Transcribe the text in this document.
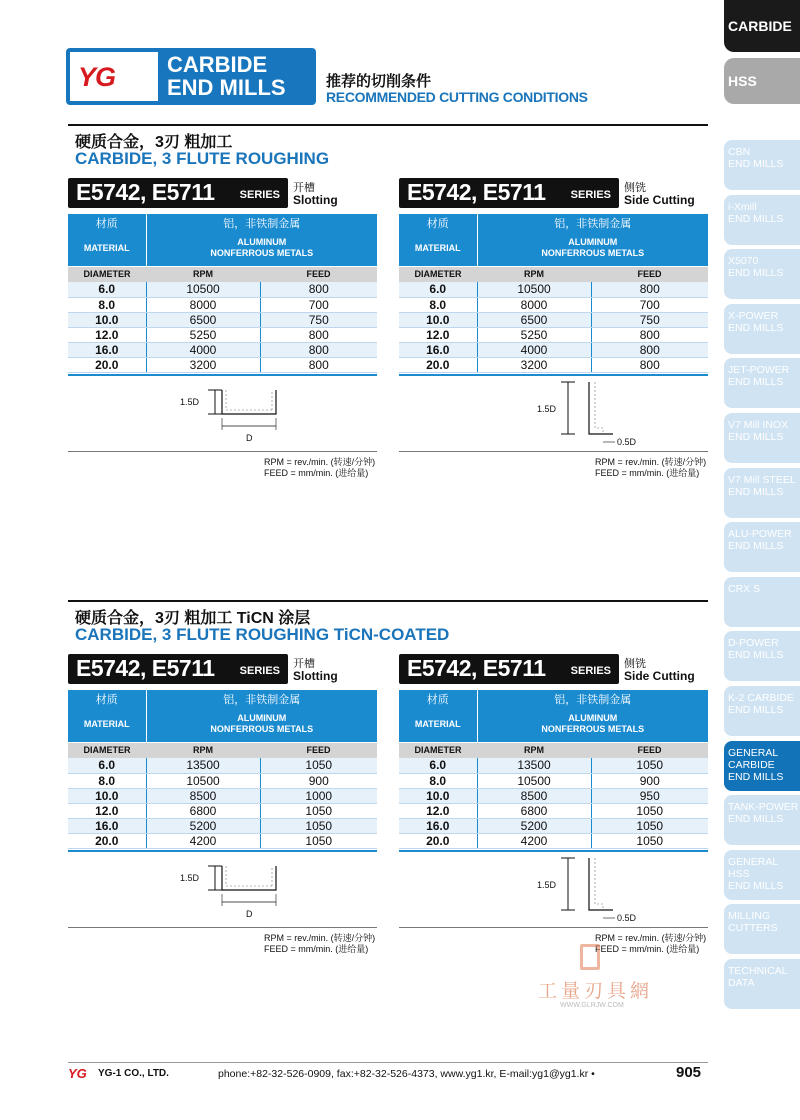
CARBIDE
HSS
CBN
END MILLS
i-Xmill
END MILLS
X5070
END MILLS
X-POWER
END MILLS
JET-POWER
END MILLS
V7 Mill INOX
END MILLS
V7 Mill STEEL
END MILLS
ALU-POWER
END MILLS
CRX S
D-POWER
END MILLS
K-2 CARBIDE
END MILLS
GENERAL
CARBIDE
END MILLS
TANK-POWER
END MILLS
GENERAL
HSS
END MILLS
MILLING
CUTTERS
TECHNICAL
DATA
YG CARBIDE
END MILLS	推荐的切削条件
RECOMMENDED CUTTING CONDITIONS
硬质合金，3刃 粗加工
CARBIDE, 3 FLUTE ROUGHING
E5742, E5711 SERIES
开槽
Slotting
材质	铝，非铁制金属	
MATERIAL	ALUMINUM
NONFERROUS METALS	

DIAMETER	RPM	FEED
6.0	10500	800
8.0	8000	700
10.0	6500	750
12.0	5250	800
16.0	4000	800
20.0	3200	800
1.5D
D
RPM = rev./min. (转速/分钟)
FEED = mm/min. (进给量)
E5742, E5711 SERIES
侧铣
Side Cutting
材质	铝，非铁制金属	
MATERIAL	ALUMINUM
NONFERROUS METALS	

DIAMETER	RPM	FEED
6.0	10500	800
8.0	8000	700
10.0	6500	750
12.0	5250	800
16.0	4000	800
20.0	3200	800
1.5D
0.5D
RPM = rev./min. (转速/分钟)
FEED = mm/min. (进给量)
硬质合金，3刃 粗加工 TiCN 涂层
CARBIDE, 3 FLUTE ROUGHING TiCN-COATED
E5742, E5711 SERIES
开槽
Slotting
材质	铝，非铁制金属	
MATERIAL	ALUMINUM
NONFERROUS METALS	

DIAMETER	RPM	FEED
6.0	13500	1050
8.0	10500	900
10.0	8500	1000
12.0	6800	1050
16.0	5200	1050
20.0	4200	1050
1.5D
D
RPM = rev./min. (转速/分钟)
FEED = mm/min. (进给量)
E5742, E5711 SERIES
侧铣
Side Cutting
材质	铝，非铁制金属	
MATERIAL	ALUMINUM
NONFERROUS METALS	

DIAMETER	RPM	FEED
6.0	13500	1050
8.0	10500	900
10.0	8500	950
12.0	6800	1050
16.0	5200	1050
20.0	4200	1050
1.5D
0.5D
RPM = rev./min. (转速/分钟)
FEED = mm/min. (进给量)
工量刃具網
WWW.GLRJW.COM
YG YG-1 CO., LTD.	phone:+82-32-526-0909, fax:+82-32-526-4373, www.yg1.kr, E-mail:yg1@yg1.kr •	905
